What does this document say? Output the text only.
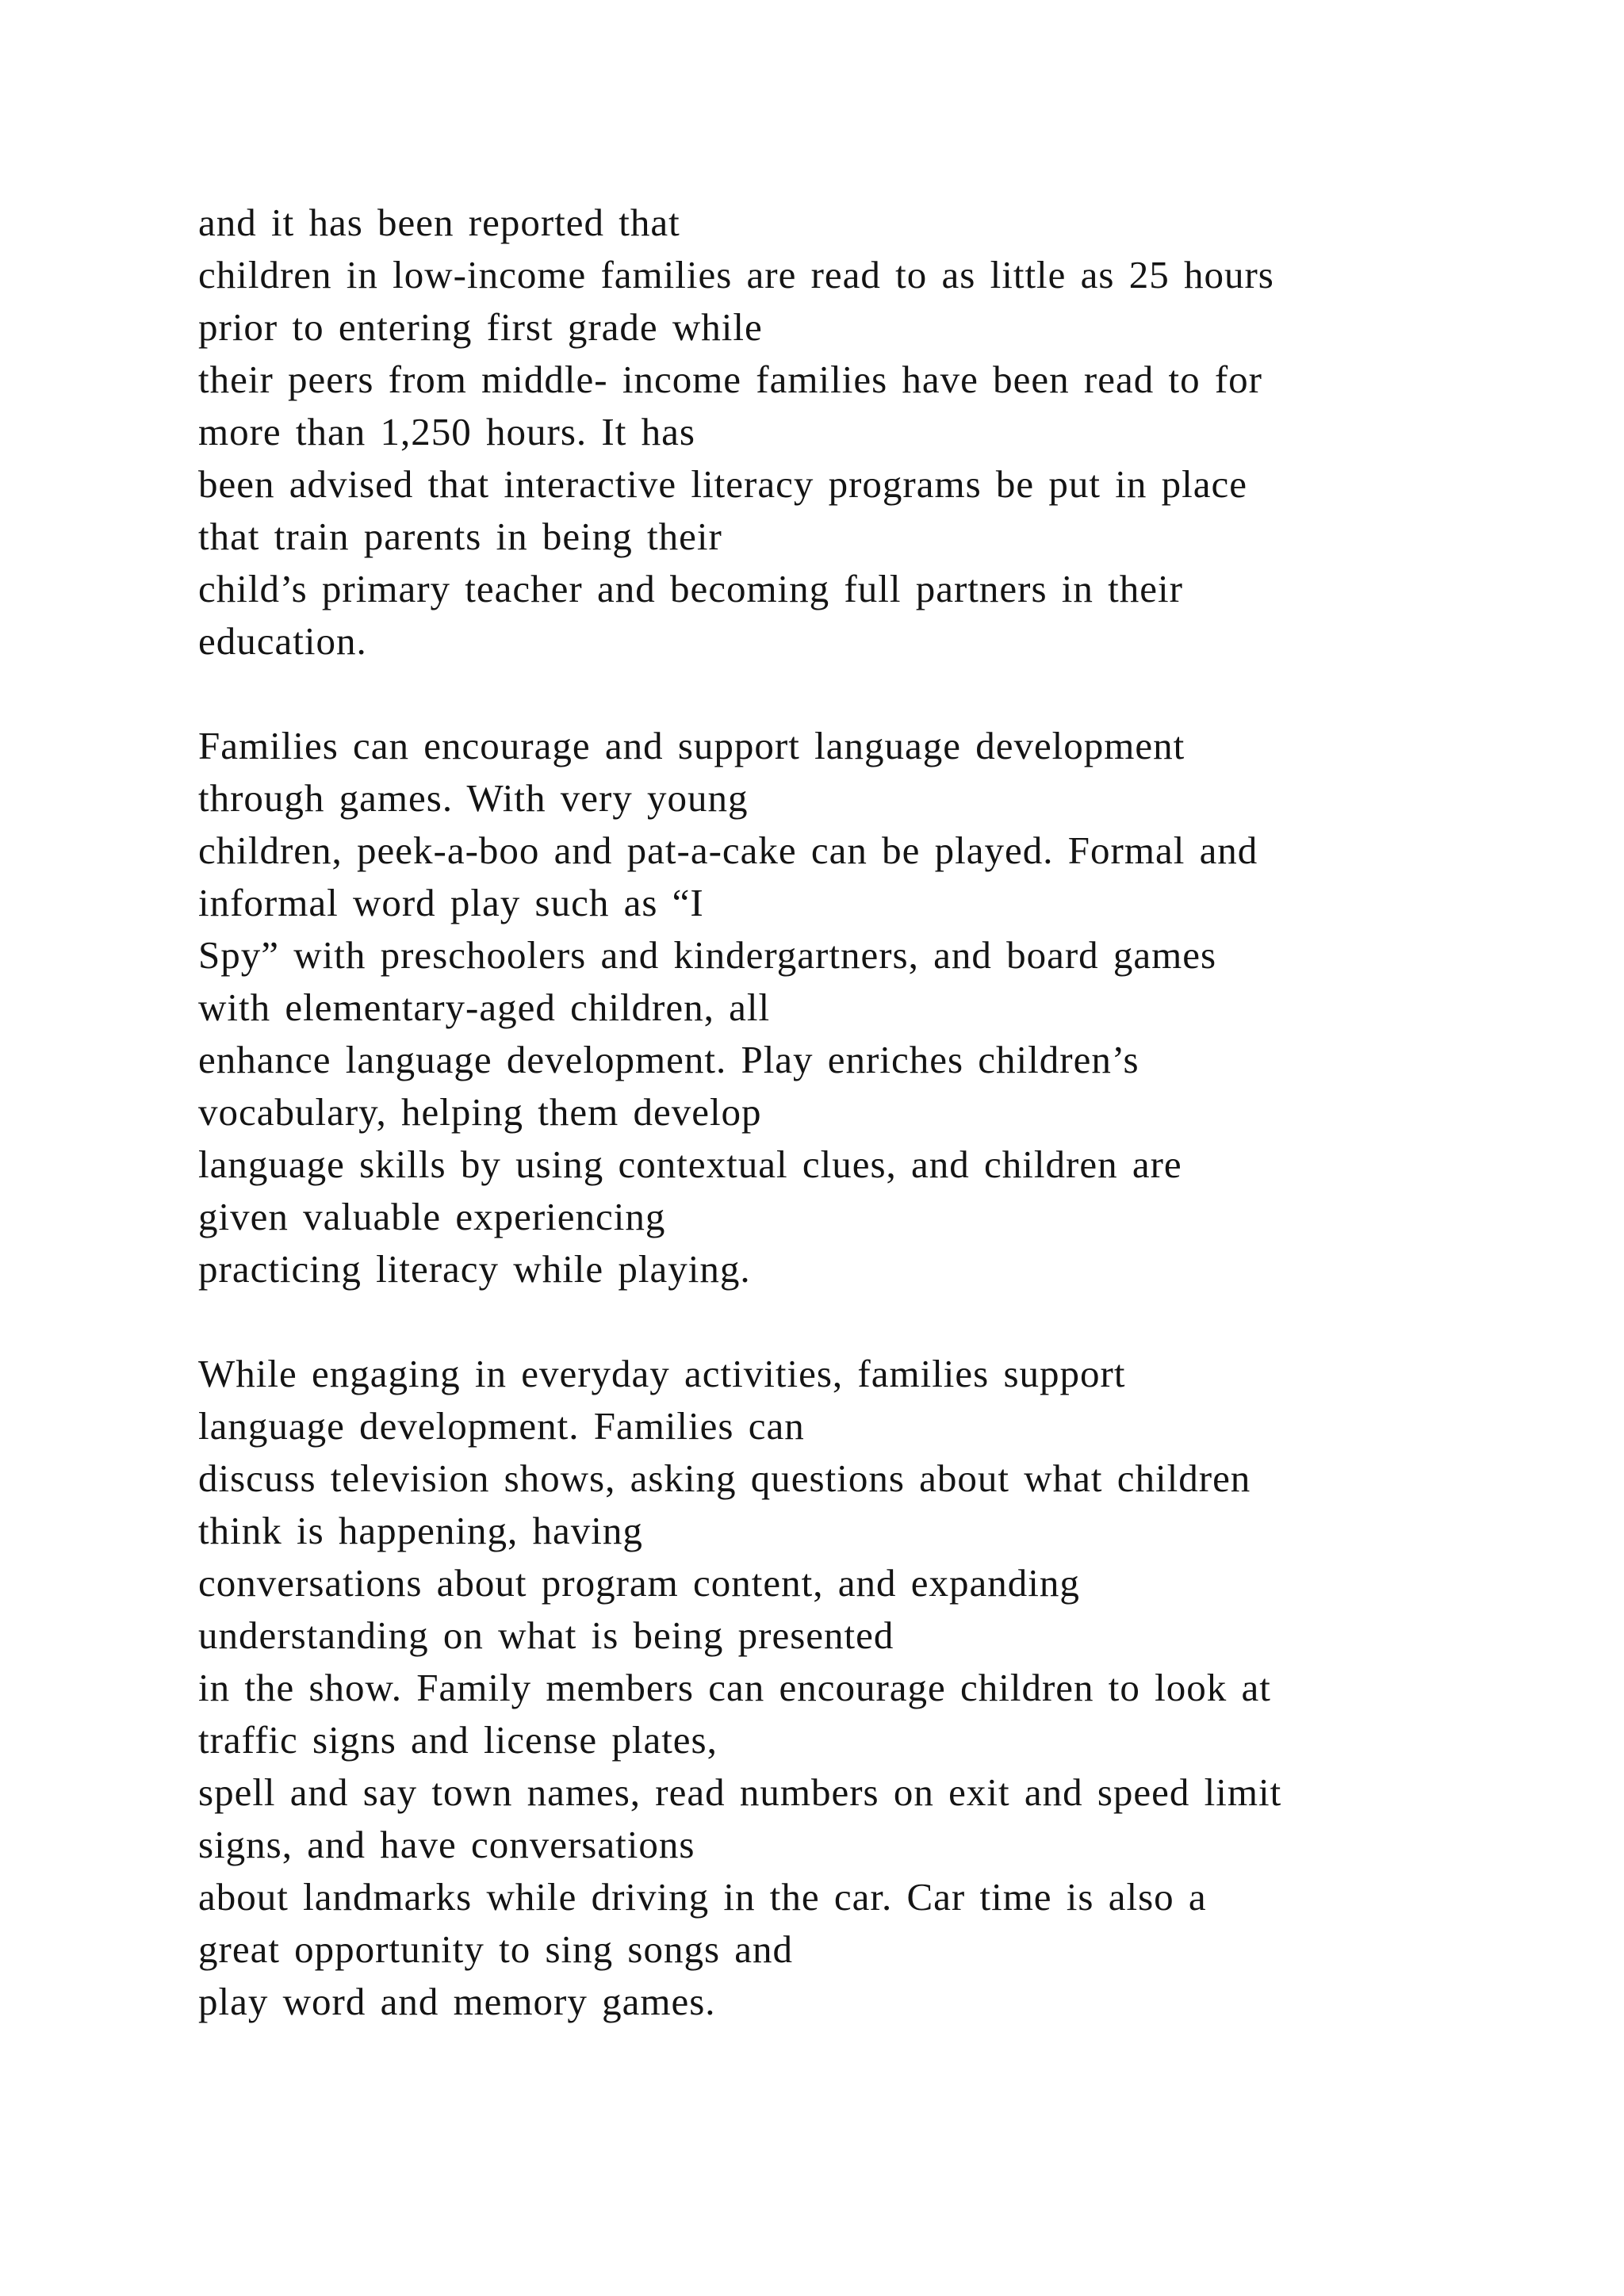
and it has been reported that
children in low-income families are read to as little as 25 hours
prior to entering first grade while
their peers from middle- income families have been read to for
more than 1,250 hours. It has
been advised that interactive literacy programs be put in place
that train parents in being their
child’s primary teacher and becoming full partners in their
education.
Families can encourage and support language development
through games. With very young
children, peek-a-boo and pat-a-cake can be played. Formal and
informal word play such as “I
Spy” with preschoolers and kindergartners, and board games
with elementary-aged children, all
enhance language development. Play enriches children’s
vocabulary, helping them develop
language skills by using contextual clues, and children are
given valuable experiencing
practicing literacy while playing.
While engaging in everyday activities, families support
language development. Families can
discuss television shows, asking questions about what children
think is happening, having
conversations about program content, and expanding
understanding on what is being presented
in the show. Family members can encourage children to look at
traffic signs and license plates,
spell and say town names, read numbers on exit and speed limit
signs, and have conversations
about landmarks while driving in the car. Car time is also a
great opportunity to sing songs and
play word and memory games.
